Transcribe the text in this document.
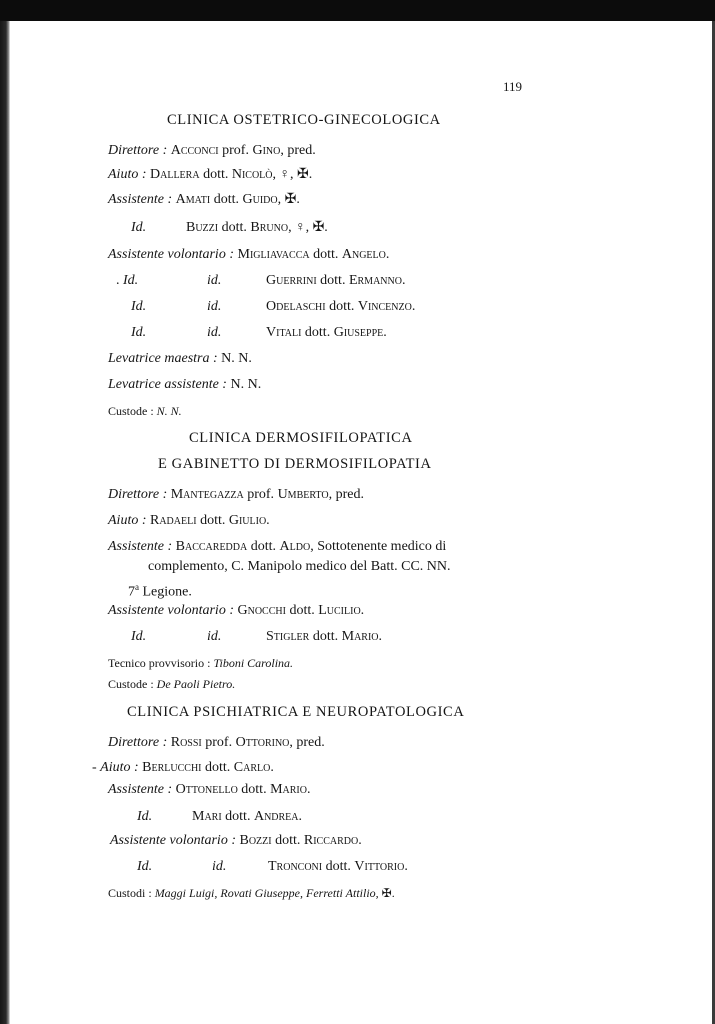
119
CLINICA OSTETRICO-GINECOLOGICA
Direttore : Acconci prof. Gino, pred.
Aiuto : Dallera dott. Nicolò, ♀, ✠.
Assistente : Amati dott. Guido, ✠.
Id.	Buzzi dott. Bruno, ♀, ✠.
Assistente volontario : Migliavacca dott. Angelo.
. Id.	id.	Guerrini dott. Ermanno.
Id.	id.	Odelaschi dott. Vincenzo.
Id.	id.	Vitali dott. Giuseppe.
Levatrice maestra : N. N.
Levatrice assistente : N. N.
Custode : N. N.
CLINICA DERMOSIFILOPATICA
E GABINETTO DI DERMOSIFILOPATIA
Direttore : Mantegazza prof. Umberto, pred.
Aiuto : Radaeli dott. Giulio.
Assistente : Baccaredda dott. Aldo, Sottotenente medico di
complemento, C. Manipolo medico del Batt. CC. NN.
7$^a$ Legione.
Assistente volontario : Gnocchi dott. Lucilio.
Id.	id.	Stigler dott. Mario.
Tecnico provvisorio : Tiboni Carolina.
Custode : De Paoli Pietro.
CLINICA PSICHIATRICA E NEUROPATOLOGICA
Direttore : Rossi prof. Ottorino, pred.
- Aiuto : Berlucchi dott. Carlo.
Assistente : Ottonello dott. Mario.
Id.	Mari dott. Andrea.
Assistente volontario : Bozzi dott. Riccardo.
Id.	id.	Tronconi dott. Vittorio.
Custodi : Maggi Luigi, Rovati Giuseppe, Ferretti Attilio, ✠.
